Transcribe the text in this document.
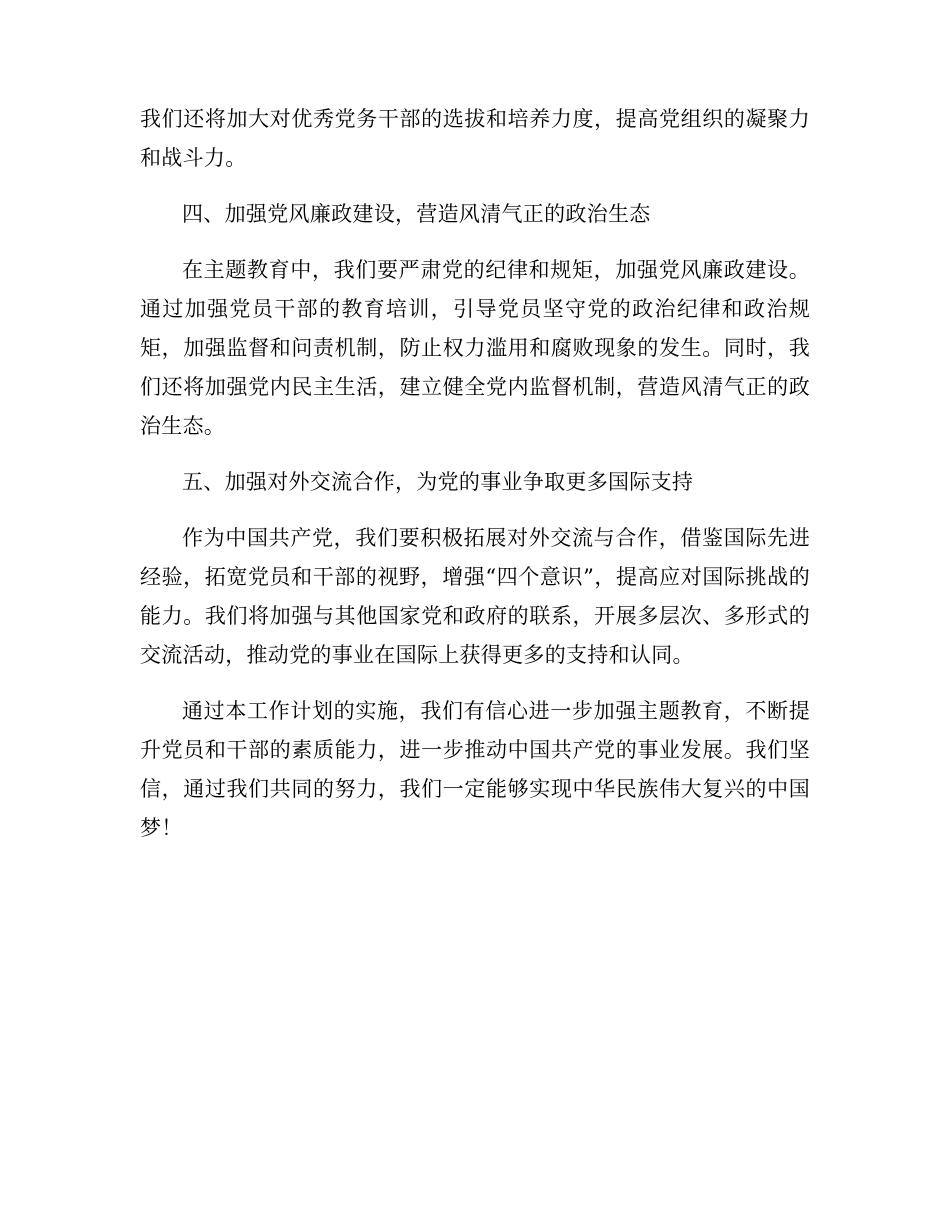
我们还将加大对优秀党务干部的选拔和培养力度，提高党组织的凝聚力和战斗力。

四、加强党风廉政建设，营造风清气正的政治生态

在主题教育中，我们要严肃党的纪律和规矩，加强党风廉政建设。通过加强党员干部的教育培训，引导党员坚守党的政治纪律和政治规矩，加强监督和问责机制，防止权力滥用和腐败现象的发生。同时，我们还将加强党内民主生活，建立健全党内监督机制，营造风清气正的政治生态。

五、加强对外交流合作，为党的事业争取更多国际支持

作为中国共产党，我们要积极拓展对外交流与合作，借鉴国际先进经验，拓宽党员和干部的视野，增强“四个意识”，提高应对国际挑战的能力。我们将加强与其他国家党和政府的联系，开展多层次、多形式的交流活动，推动党的事业在国际上获得更多的支持和认同。

通过本工作计划的实施，我们有信心进一步加强主题教育，不断提升党员和干部的素质能力，进一步推动中国共产党的事业发展。我们坚信，通过我们共同的努力，我们一定能够实现中华民族伟大复兴的中国梦！
